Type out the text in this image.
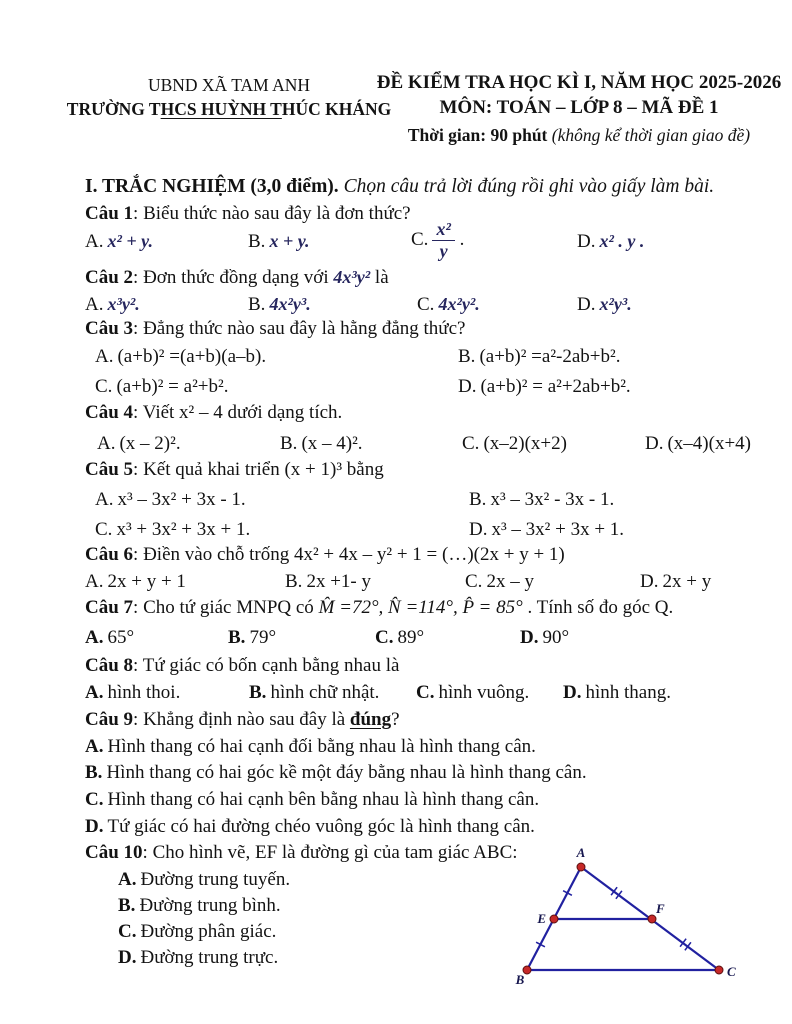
UBND XÃ TAM ANH
TRƯỜNG THCS HUỲNH THÚC KHÁNG
ĐỀ KIỂM TRA HỌC KÌ I, NĂM HỌC 2025-2026
MÔN: TOÁN – LỚP 8 – MÃ ĐỀ 1
Thời gian: 90 phút (không kể thời gian giao đề)
I. TRẮC NGHIỆM (3,0 điểm). Chọn câu trả lời đúng rồi ghi vào giấy làm bài.
Câu 1: Biểu thức nào sau đây là đơn thức?
A. x² + y.	B. x + y.	C. $\frac{\text{x²}}{y}$ .	D. x² . y .
Câu 2: Đơn thức đồng dạng với 4x³y² là
A. x³y².	B. 4x²y³.	C. 4x²y².	D. x²y³.
Câu 3: Đẳng thức nào sau đây là hằng đẳng thức?
A. (a+b)² =(a+b)(a–b).	B. (a+b)² =a²-2ab+b².
C. (a+b)² = a²+b².	D. (a+b)² = a²+2ab+b².
Câu 4: Viết x² – 4 dưới dạng tích.
A. (x – 2)².	B. (x – 4)².	C. (x–2)(x+2)	D. (x–4)(x+4)
Câu 5: Kết quả khai triển (x + 1)³ bằng
A. x³ – 3x² + 3x - 1.	B. x³ – 3x² - 3x - 1.
C. x³ + 3x² + 3x + 1.	D. x³ – 3x² + 3x + 1.
Câu 6: Điền vào chỗ trống 4x² + 4x – y² + 1 = (…)(2x + y + 1)
A. 2x + y + 1	B. 2x +1- y	C. 2x – y	D. 2x + y
Câu 7: Cho tứ giác MNPQ có M̂ =72°, N̂ =114°, P̂ = 85° . Tính số đo góc Q.
A. 65°	B. 79°	C. 89°	D. 90°
Câu 8: Tứ giác có bốn cạnh bằng nhau là
A. hình thoi.	B. hình chữ nhật. C. hình vuông. D. hình thang.
Câu 9: Khẳng định nào sau đây là đúng?
A. Hình thang có hai cạnh đối bằng nhau là hình thang cân.
B. Hình thang có hai góc kề một đáy bằng nhau là hình thang cân.
C. Hình thang có hai cạnh bên bằng nhau là hình thang cân.
D. Tứ giác có hai đường chéo vuông góc là hình thang cân.
Câu 10: Cho hình vẽ, EF là đường gì của tam giác ABC:
A. Đường trung tuyến.
B. Đường trung bình.
C. Đường phân giác.
D. Đường trung trực.
A
E
F
B
C
